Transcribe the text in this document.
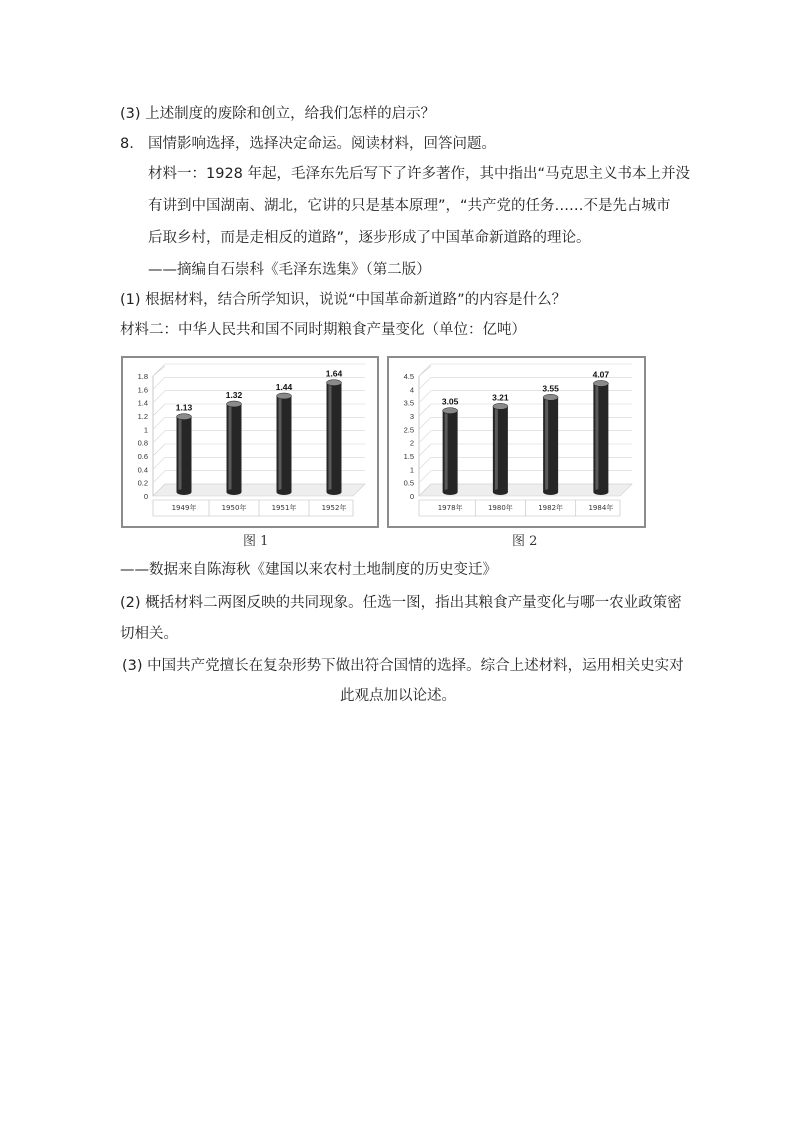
(3) 上述制度的废除和创立，给我们怎样的启示？
8. 国情影响选择，选择决定命运。阅读材料，回答问题。
材料一：1928 年起，毛泽东先后写下了许多著作，其中指出“马克思主义书本上并没
有讲到中国湖南、湖北，它讲的只是基本原理”，“共产党的任务……不是先占城市
后取乡村，而是走相反的道路”，逐步形成了中国革命新道路的理论。
——摘编自石崇科《毛泽东选集》（第二版）
(1) 根据材料，结合所学知识，说说“中国革命新道路”的内容是什么？
材料二：中华人民共和国不同时期粮食产量变化（单位：亿吨）
0
0.2
0.4
0.6
0.8
1
1.2
1.4
1.6
1.8
1.13
1949年
1.32
1950年
1.44
1951年
1.64
1952年
0
0.5
1
1.5
2
2.5
3
3.5
4
4.5
3.05
1978年
3.21
1980年
3.55
1982年
4.07
1984年
图 1	图 2
——数据来自陈海秋《建国以来农村土地制度的历史变迁》
(2) 概括材料二两图反映的共同现象。任选一图，指出其粮食产量变化与哪一农业政策密
切相关。
(3) 中国共产党擅长在复杂形势下做出符合国情的选择。综合上述材料，运用相关史实对
此观点加以论述。
